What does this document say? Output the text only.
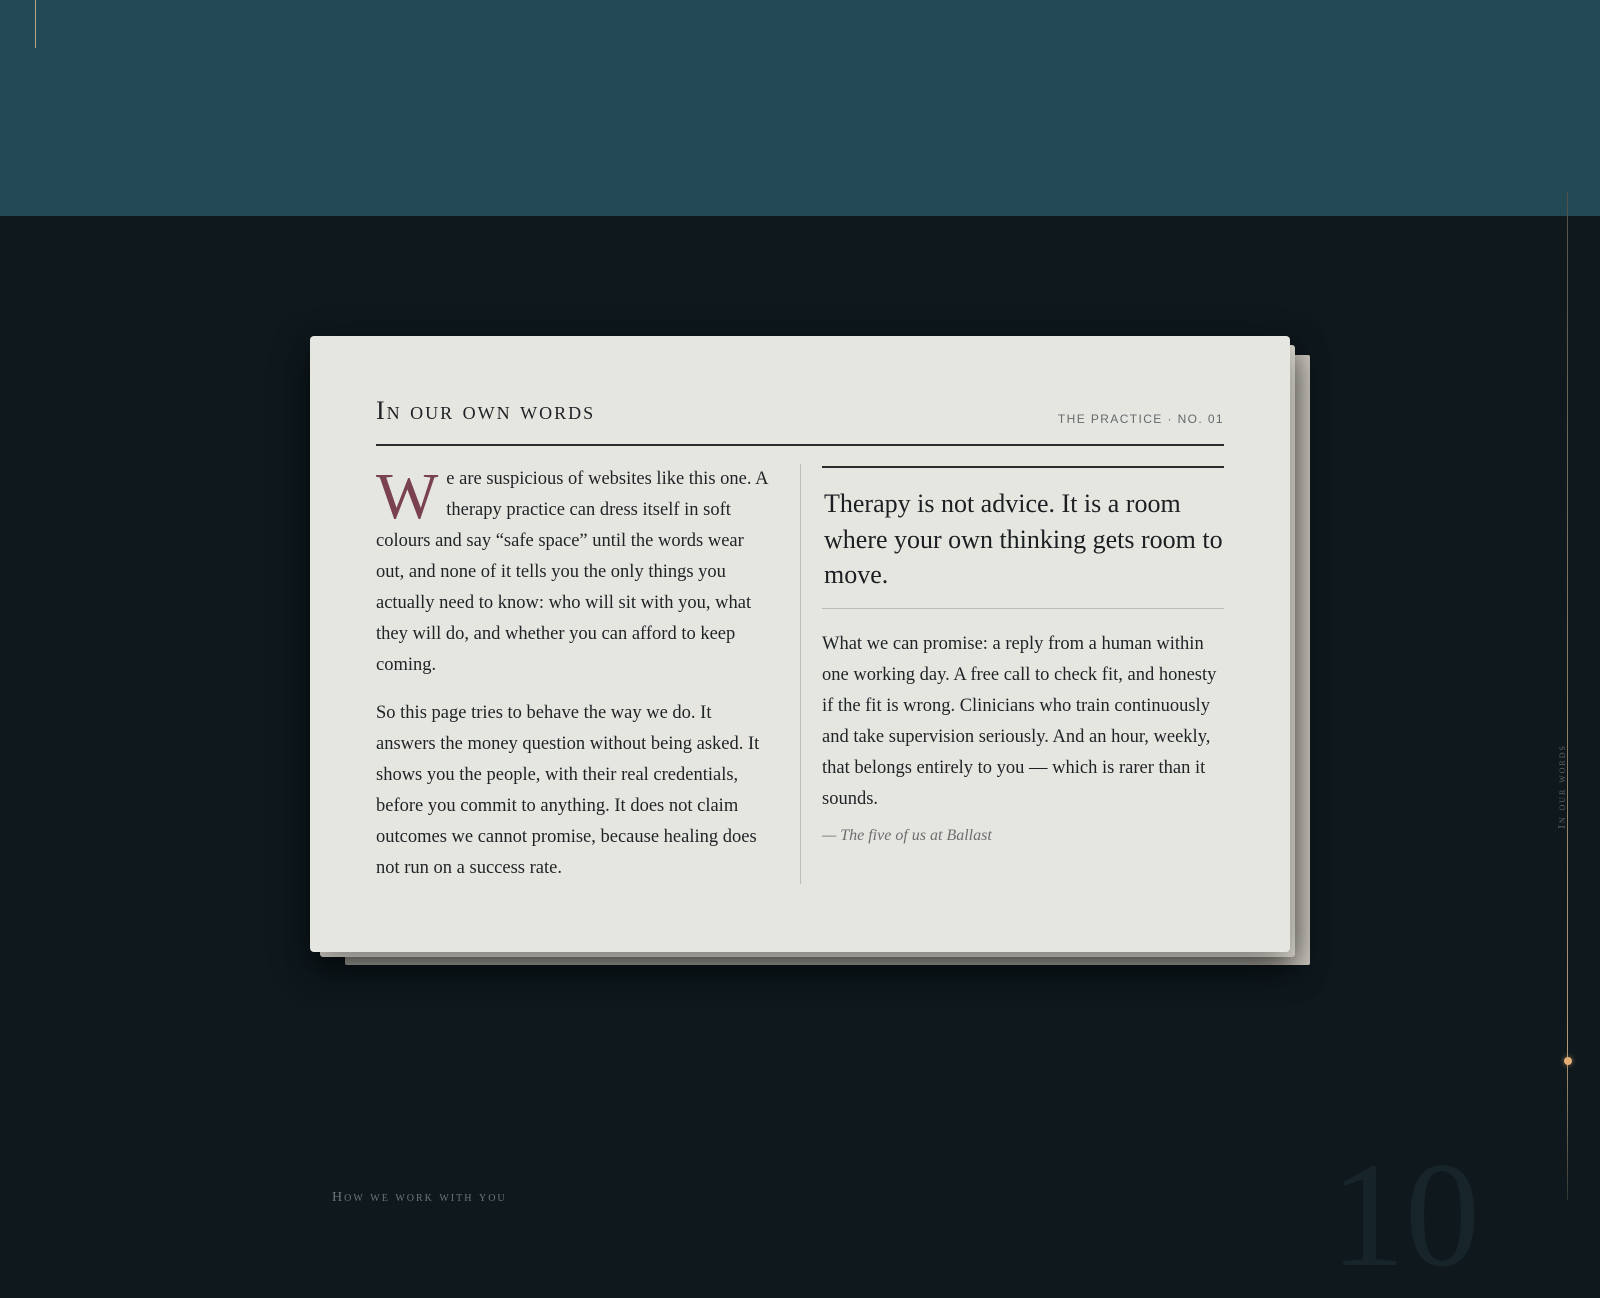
In our words
In our own words	THE PRACTICE · NO. 01

We are suspicious of websites like this one. A therapy practice can dress itself in soft colours and say “safe space” until the words wear out, and none of it tells you the only things you actually need to know: who will sit with you, what they will do, and whether you can afford to keep coming.

So this page tries to behave the way we do. It answers the money question without being asked. It shows you the people, with their real credentials, before you commit to anything. It does not claim outcomes we cannot promise, because healing does not run on a success rate.

Therapy is not advice. It is a room where your own thinking gets room to move.

What we can promise: a reply from a human within one working day. A free call to check fit, and honesty if the fit is wrong. Clinicians who train continuously and take supervision seriously. And an hour, weekly, that belongs entirely to you — which is rarer than it sounds.

— The five of us at Ballast
How we work with you	10
